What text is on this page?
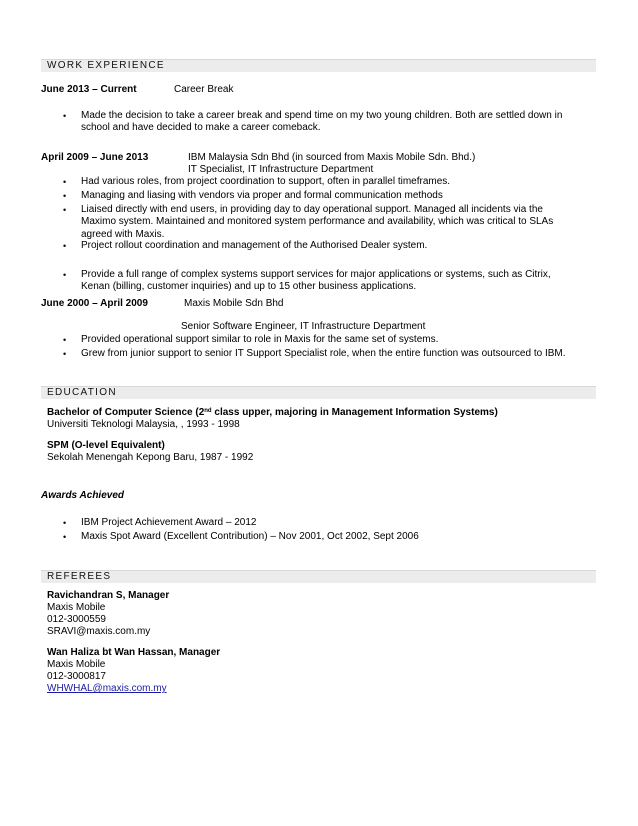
WORK EXPERIENCE
June 2013 – Current	Career Break
• Made the decision to take a career break and spend time on my two young children. Both are settled down in school and have decided to make a career comeback.
April 2009 – June 2013	IBM Malaysia Sdn Bhd (in sourced from Maxis Mobile Sdn. Bhd.)
IT Specialist, IT Infrastructure Department
• Had various roles, from project coordination to support, often in parallel timeframes.
• Managing and liasing with vendors via proper and formal communication methods
• Liaised directly with end users, in providing day to day operational support. Managed all incidents via the Maximo system. Maintained and monitored system performance and availability, which was critical to SLAs agreed with Maxis.
• Project rollout coordination and management of the Authorised Dealer system.
• Provide a full range of complex systems support services for major applications or systems, such as Citrix, Kenan (billing, customer inquiries) and up to 15 other business applications.
June 2000 – April 2009	Maxis Mobile Sdn Bhd
Senior Software Engineer, IT Infrastructure Department
• Provided operational support similar to role in Maxis for the same set of systems.
• Grew from junior support to senior IT Support Specialist role, when the entire function was outsourced to IBM.
EDUCATION
Bachelor of Computer Science (2nd class upper, majoring in Management Information Systems)
Universiti Teknologi Malaysia, , 1993 - 1998
SPM (O-level Equivalent)
Sekolah Menengah Kepong Baru, 1987 - 1992
Awards Achieved
• IBM Project Achievement Award – 2012
• Maxis Spot Award (Excellent Contribution) – Nov 2001, Oct 2002, Sept 2006
REFEREES
Ravichandran S, Manager
Maxis Mobile
012-3000559
SRAVI@maxis.com.my
Wan Haliza bt Wan Hassan, Manager
Maxis Mobile
012-3000817
WHWHAL@maxis.com.my
